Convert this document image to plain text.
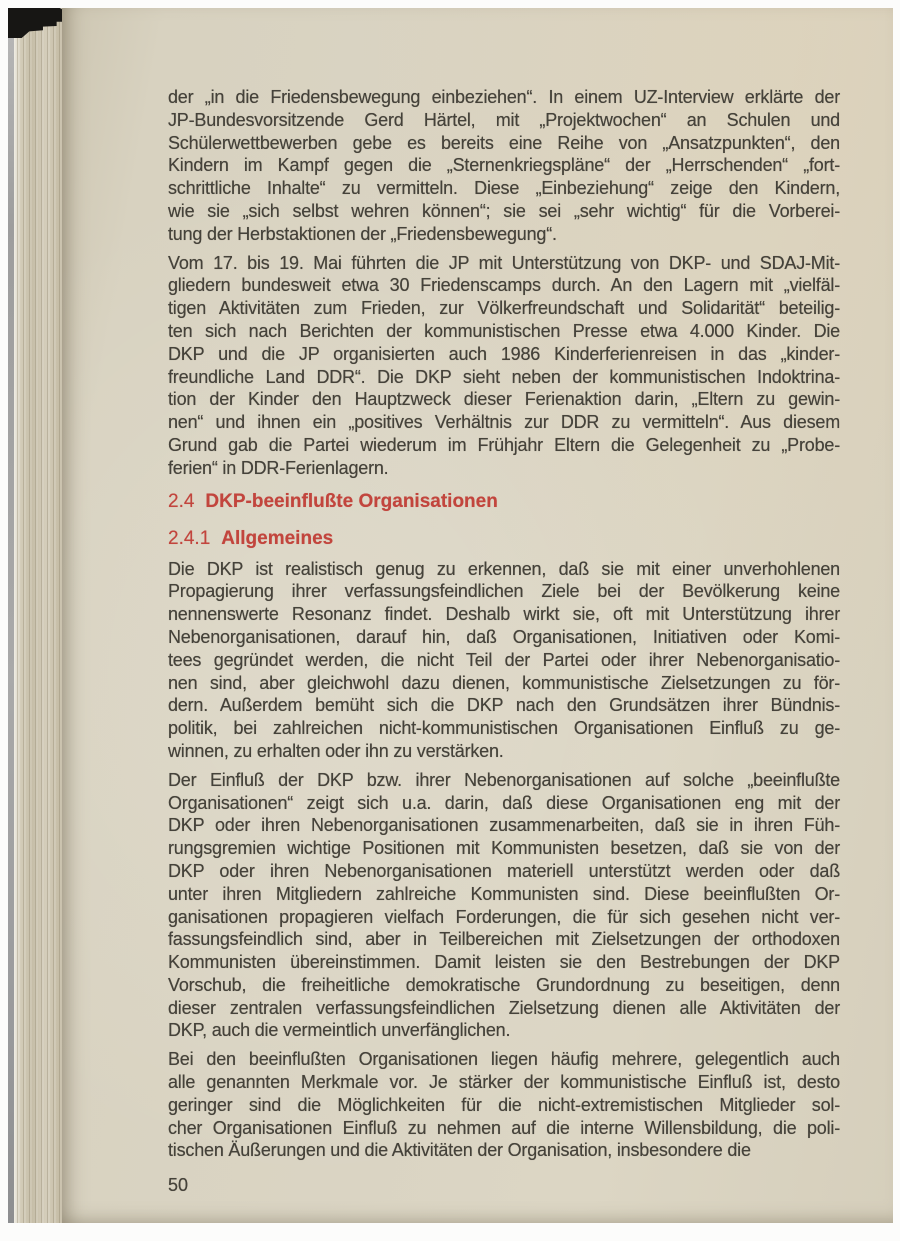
der „in die Friedensbewegung einbeziehen“. In einem UZ-Interview erklärte der
JP-Bundesvorsitzende Gerd Härtel, mit „Projektwochen“ an Schulen und
Schülerwettbewerben gebe es bereits eine Reihe von „Ansatzpunkten“, den
Kindern im Kampf gegen die „Sternenkriegspläne“ der „Herrschenden“ „fort-
schrittliche Inhalte“ zu vermitteln. Diese „Einbeziehung“ zeige den Kindern,
wie sie „sich selbst wehren können“; sie sei „sehr wichtig“ für die Vorberei-
tung der Herbstaktionen der „Friedensbewegung“.
Vom 17. bis 19. Mai führten die JP mit Unterstützung von DKP- und SDAJ-Mit-
gliedern bundesweit etwa 30 Friedenscamps durch. An den Lagern mit „vielfäl-
tigen Aktivitäten zum Frieden, zur Völkerfreundschaft und Solidarität“ beteilig-
ten sich nach Berichten der kommunistischen Presse etwa 4.000 Kinder. Die
DKP und die JP organisierten auch 1986 Kinderferienreisen in das „kinder-
freundliche Land DDR“. Die DKP sieht neben der kommunistischen Indoktrina-
tion der Kinder den Hauptzweck dieser Ferienaktion darin, „Eltern zu gewin-
nen“ und ihnen ein „positives Verhältnis zur DDR zu vermitteln“. Aus diesem
Grund gab die Partei wiederum im Frühjahr Eltern die Gelegenheit zu „Probe-
ferien“ in DDR-Ferienlagern.
2.4 DKP-beeinflußte Organisationen
2.4.1 Allgemeines
Die DKP ist realistisch genug zu erkennen, daß sie mit einer unverhohlenen
Propagierung ihrer verfassungsfeindlichen Ziele bei der Bevölkerung keine
nennenswerte Resonanz findet. Deshalb wirkt sie, oft mit Unterstützung ihrer
Nebenorganisationen, darauf hin, daß Organisationen, Initiativen oder Komi-
tees gegründet werden, die nicht Teil der Partei oder ihrer Nebenorganisatio-
nen sind, aber gleichwohl dazu dienen, kommunistische Zielsetzungen zu för-
dern. Außerdem bemüht sich die DKP nach den Grundsätzen ihrer Bündnis-
politik, bei zahlreichen nicht-kommunistischen Organisationen Einfluß zu ge-
winnen, zu erhalten oder ihn zu verstärken.
Der Einfluß der DKP bzw. ihrer Nebenorganisationen auf solche „beeinflußte
Organisationen“ zeigt sich u.a. darin, daß diese Organisationen eng mit der
DKP oder ihren Nebenorganisationen zusammenarbeiten, daß sie in ihren Füh-
rungsgremien wichtige Positionen mit Kommunisten besetzen, daß sie von der
DKP oder ihren Nebenorganisationen materiell unterstützt werden oder daß
unter ihren Mitgliedern zahlreiche Kommunisten sind. Diese beeinflußten Or-
ganisationen propagieren vielfach Forderungen, die für sich gesehen nicht ver-
fassungsfeindlich sind, aber in Teilbereichen mit Zielsetzungen der orthodoxen
Kommunisten übereinstimmen. Damit leisten sie den Bestrebungen der DKP
Vorschub, die freiheitliche demokratische Grundordnung zu beseitigen, denn
dieser zentralen verfassungsfeindlichen Zielsetzung dienen alle Aktivitäten der
DKP, auch die vermeintlich unverfänglichen.
Bei den beeinflußten Organisationen liegen häufig mehrere, gelegentlich auch
alle genannten Merkmale vor. Je stärker der kommunistische Einfluß ist, desto
geringer sind die Möglichkeiten für die nicht-extremistischen Mitglieder sol-
cher Organisationen Einfluß zu nehmen auf die interne Willensbildung, die poli-
tischen Äußerungen und die Aktivitäten der Organisation, insbesondere die
50
